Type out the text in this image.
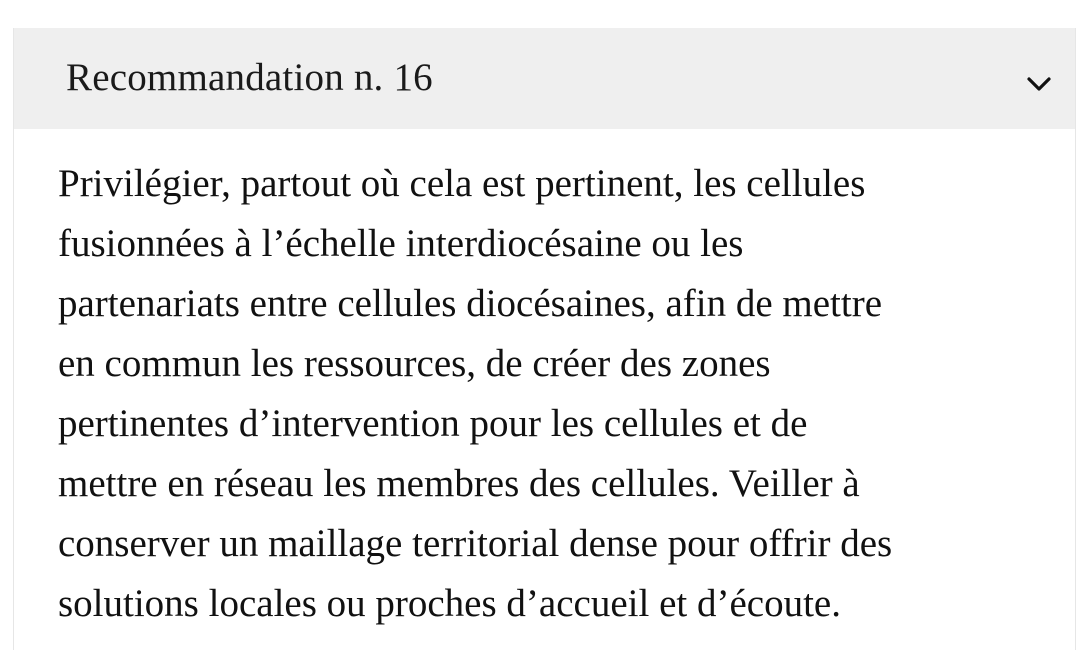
Recommandation n. 16
Privilégier, partout où cela est pertinent, les cellules
fusionnées à l’échelle interdiocésaine ou les
partenariats entre cellules diocésaines, afin de mettre
en commun les ressources, de créer des zones
pertinentes d’intervention pour les cellules et de
mettre en réseau les membres des cellules. Veiller à
conserver un maillage territorial dense pour offrir des
solutions locales ou proches d’accueil et d’écoute.
